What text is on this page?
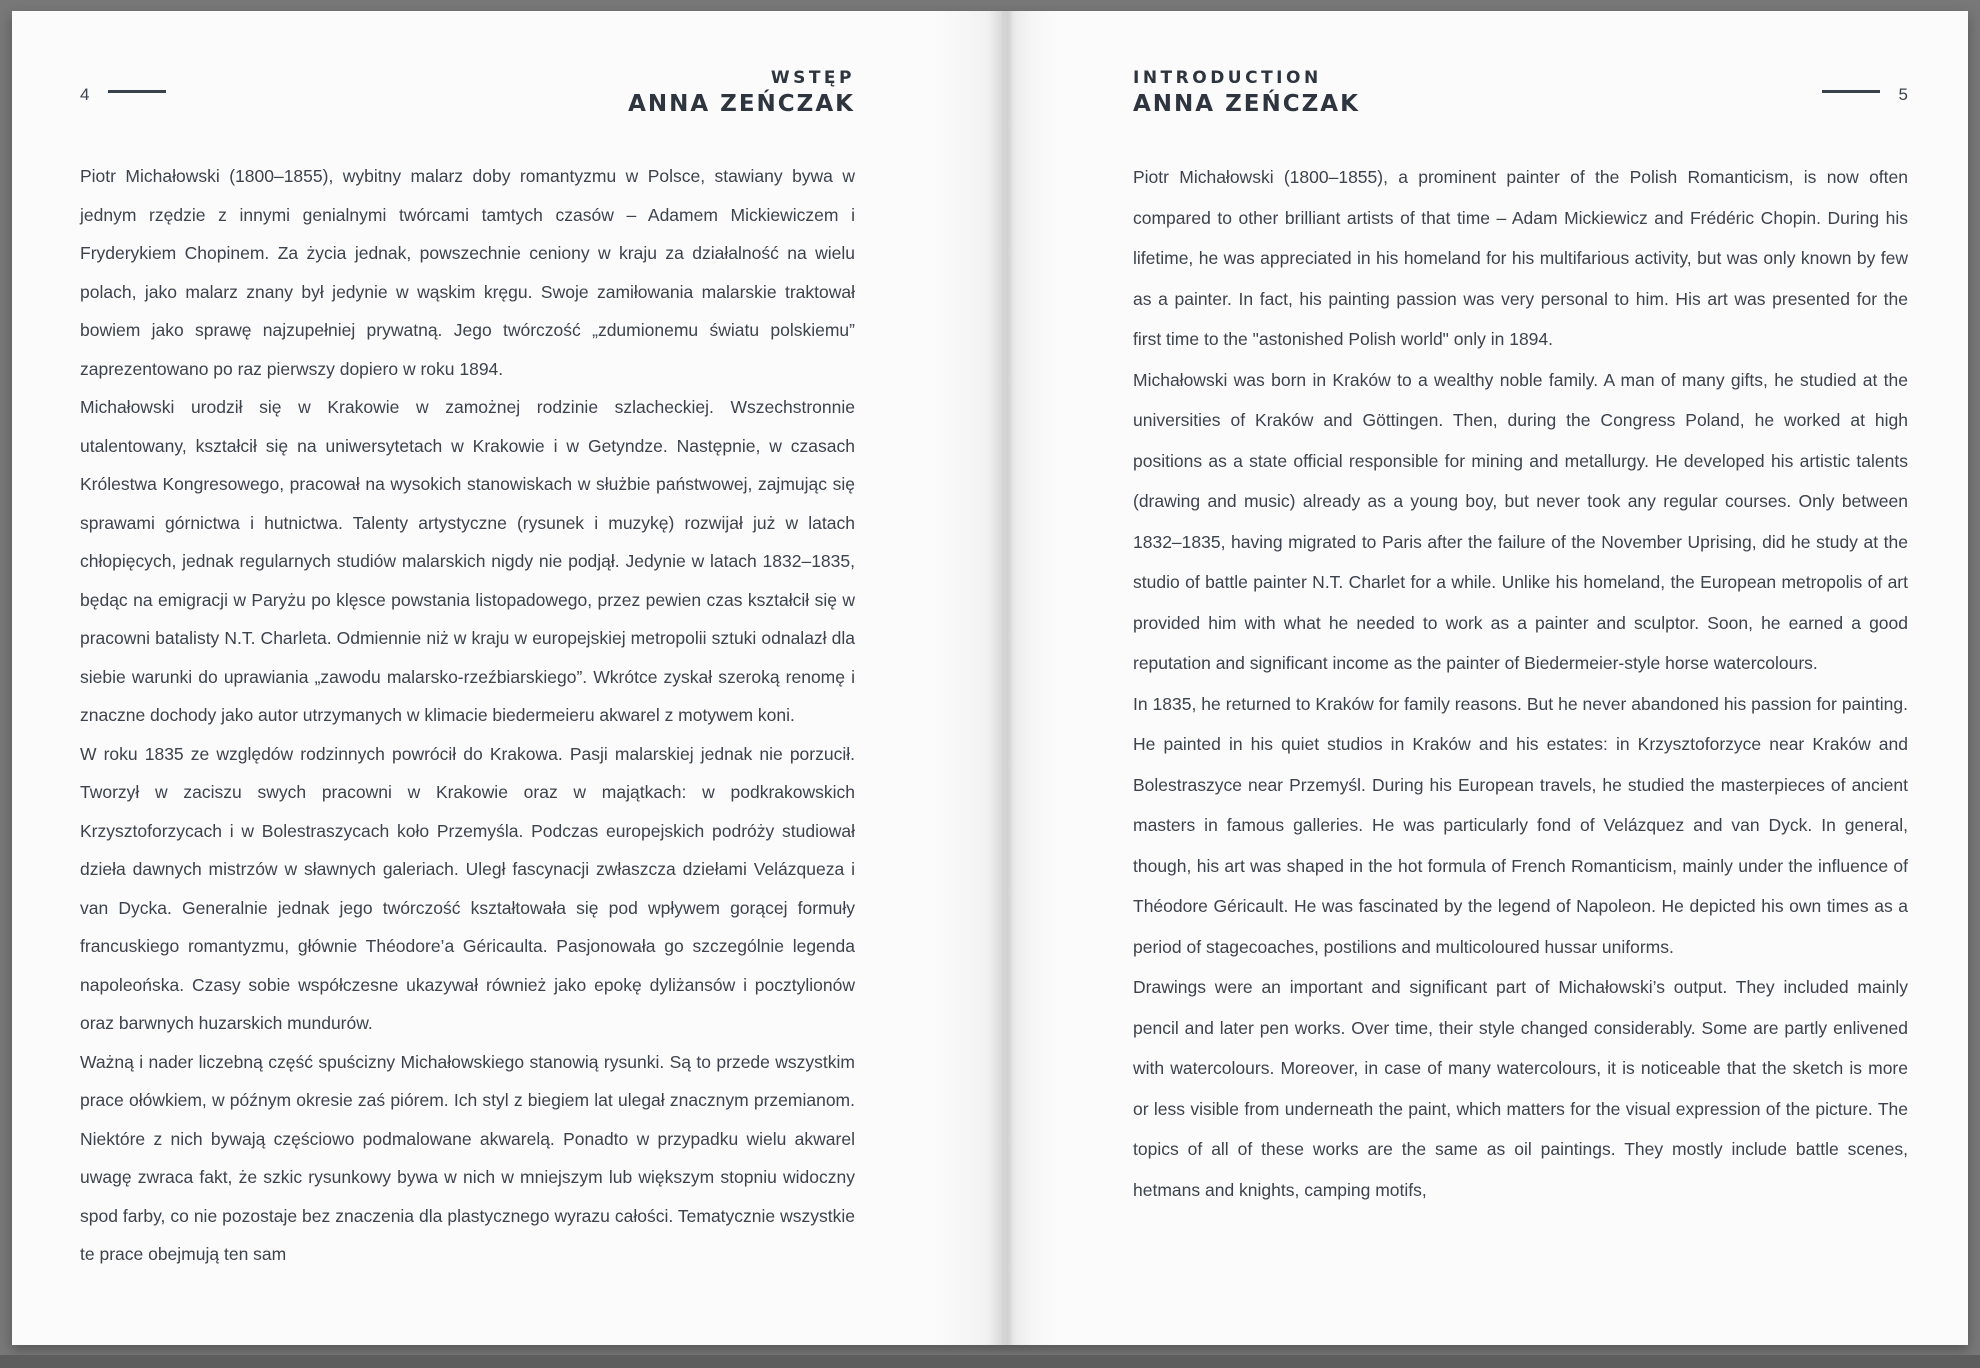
4
WSTĘP
ANNA ZEŃCZAK

Piotr Michałowski (1800–1855), wybitny malarz doby romantyzmu w Polsce, stawiany bywa w jednym rzędzie z innymi genialnymi twórcami tamtych czasów – Adamem Mickiewiczem i Fryderykiem Chopinem. Za życia jednak, powszechnie ceniony w kraju za działalność na wielu polach, jako malarz znany był jedynie w wąskim kręgu. Swoje zamiłowania malarskie traktował bowiem jako sprawę najzupełniej prywatną. Jego twórczość „zdumionemu światu polskiemu” zaprezentowano po raz pierwszy dopiero w roku 1894.

Michałowski urodził się w Krakowie w zamożnej rodzinie szlacheckiej. Wszechstronnie utalentowany, kształcił się na uniwersytetach w Krakowie i w Getyndze. Następnie, w czasach Królestwa Kongresowego, pracował na wysokich stanowiskach w służbie państwowej, zajmując się sprawami górnictwa i hutnictwa. Talenty artystyczne (rysunek i muzykę) rozwijał już w latach chłopięcych, jednak regularnych studiów malarskich nigdy nie podjął. Jedynie w latach 1832–1835, będąc na emigracji w Paryżu po klęsce powstania listopadowego, przez pewien czas kształcił się w pracowni batalisty N.T. Charleta. Odmiennie niż w kraju w europejskiej metropolii sztuki odnalazł dla siebie warunki do uprawiania „zawodu malarsko-rzeźbiarskiego”. Wkrótce zyskał szeroką renomę i znaczne dochody jako autor utrzymanych w klimacie biedermeieru akwarel z motywem koni.

W roku 1835 ze względów rodzinnych powrócił do Krakowa. Pasji malarskiej jednak nie porzucił. Tworzył w zaciszu swych pracowni w Krakowie oraz w majątkach: w podkrakowskich Krzysztoforzycach i w Bolestraszycach koło Przemyśla. Podczas europejskich podróży studiował dzieła dawnych mistrzów w sławnych galeriach. Uległ fascynacji zwłaszcza dziełami Velázqueza i van Dycka. Generalnie jednak jego twórczość kształtowała się pod wpływem gorącej formuły francuskiego romantyzmu, głównie Théodore’a Géricaulta. Pasjonowała go szczególnie legenda napoleońska. Czasy sobie współczesne ukazywał również jako epokę dyliżansów i pocztylionów oraz barwnych huzarskich mundurów.

Ważną i nader liczebną część spuścizny Michałowskiego stanowią rysunki. Są to przede wszystkim prace ołówkiem, w późnym okresie zaś piórem. Ich styl z biegiem lat ulegał znacznym przemianom. Niektóre z nich bywają częściowo podmalowane akwarelą. Ponadto w przypadku wielu akwarel uwagę zwraca fakt, że szkic rysunkowy bywa w nich w mniejszym lub większym stopniu widoczny spod farby, co nie pozostaje bez znaczenia dla plastycznego wyrazu całości. Tematycznie wszystkie te prace obejmują ten sam

INTRODUCTION
ANNA ZEŃCZAK	5

Piotr Michałowski (1800–1855), a prominent painter of the Polish Romanticism, is now often compared to other brilliant artists of that time – Adam Mickiewicz and Frédéric Chopin. During his lifetime, he was appreciated in his homeland for his multifarious activity, but was only known by few as a painter. In fact, his painting passion was very personal to him. His art was presented for the first time to the "astonished Polish world" only in 1894.

Michałowski was born in Kraków to a wealthy noble family. A man of many gifts, he studied at the universities of Kraków and Göttingen. Then, during the Congress Poland, he worked at high positions as a state official responsible for mining and metallurgy. He developed his artistic talents (drawing and music) already as a young boy, but never took any regular courses. Only between 1832–1835, having migrated to Paris after the failure of the November Uprising, did he study at the studio of battle painter N.T. Charlet for a while. Unlike his homeland, the European metropolis of art provided him with what he needed to work as a painter and sculptor. Soon, he earned a good reputation and significant income as the painter of Biedermeier-style horse watercolours.

In 1835, he returned to Kraków for family reasons. But he never abandoned his passion for painting. He painted in his quiet studios in Kraków and his estates: in Krzysztoforzyce near Kraków and Bolestraszyce near Przemyśl. During his European travels, he studied the masterpieces of ancient masters in famous galleries. He was particularly fond of Velázquez and van Dyck. In general, though, his art was shaped in the hot formula of French Romanticism, mainly under the influence of Théodore Géricault. He was fascinated by the legend of Napoleon. He depicted his own times as a period of stagecoaches, postilions and multicoloured hussar uniforms.

Drawings were an important and significant part of Michałowski’s output. They included mainly pencil and later pen works. Over time, their style changed considerably. Some are partly enlivened with watercolours. Moreover, in case of many watercolours, it is noticeable that the sketch is more or less visible from underneath the paint, which matters for the visual expression of the picture. The topics of all of these works are the same as oil paintings. They mostly include battle scenes, hetmans and knights, camping motifs,
